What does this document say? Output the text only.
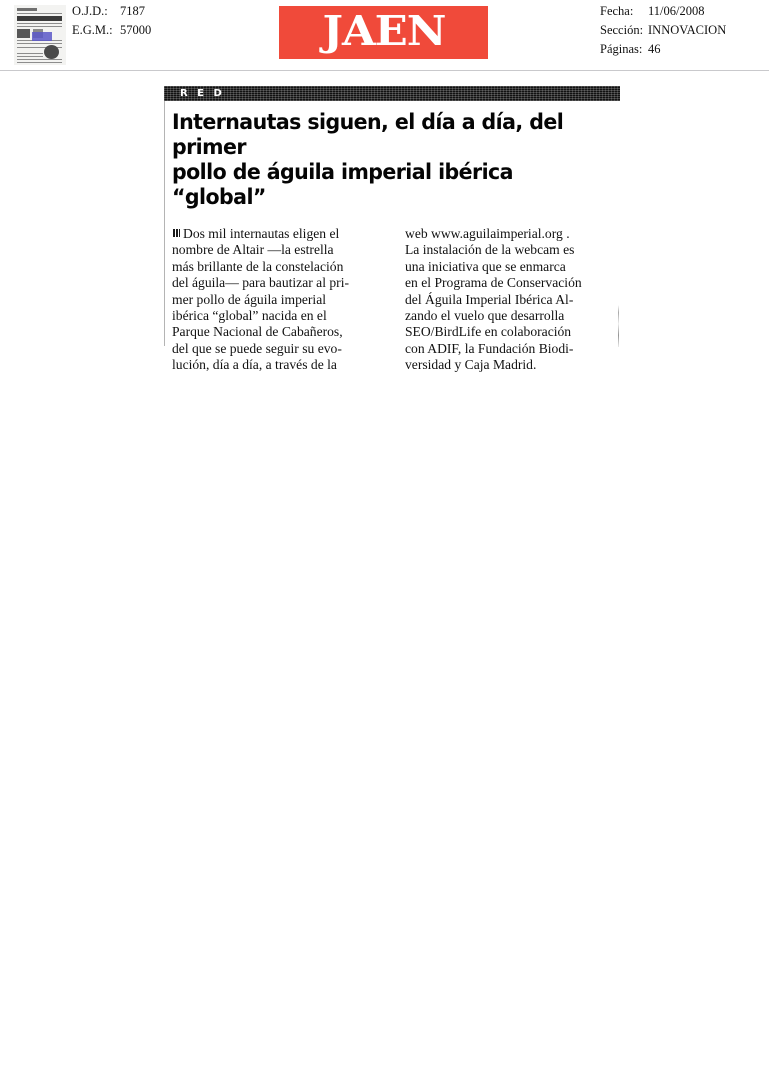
O.J.D.: 7187
E.G.M.: 57000	JAEN	Fecha: 11/06/2008
Sección: INNOVACION
Páginas: 46
R E D
Internautas siguen, el día a día, del primer
pollo de águila imperial ibérica “global”
Dos mil internautas eligen el
nombre de Altair —la estrella
más brillante de la constelación
del águila— para bautizar al pri-
mer pollo de águila imperial
ibérica “global” nacida en el
Parque Nacional de Cabañeros,
del que se puede seguir su evo-
lución, día a día, a través de la
web www.aguilaimperial.org .
La instalación de la webcam es
una iniciativa que se enmarca
en el Programa de Conservación
del Águila Imperial Ibérica Al-
zando el vuelo que desarrolla
SEO/BirdLife en colaboración
con ADIF, la Fundación Biodi-
versidad y Caja Madrid.
